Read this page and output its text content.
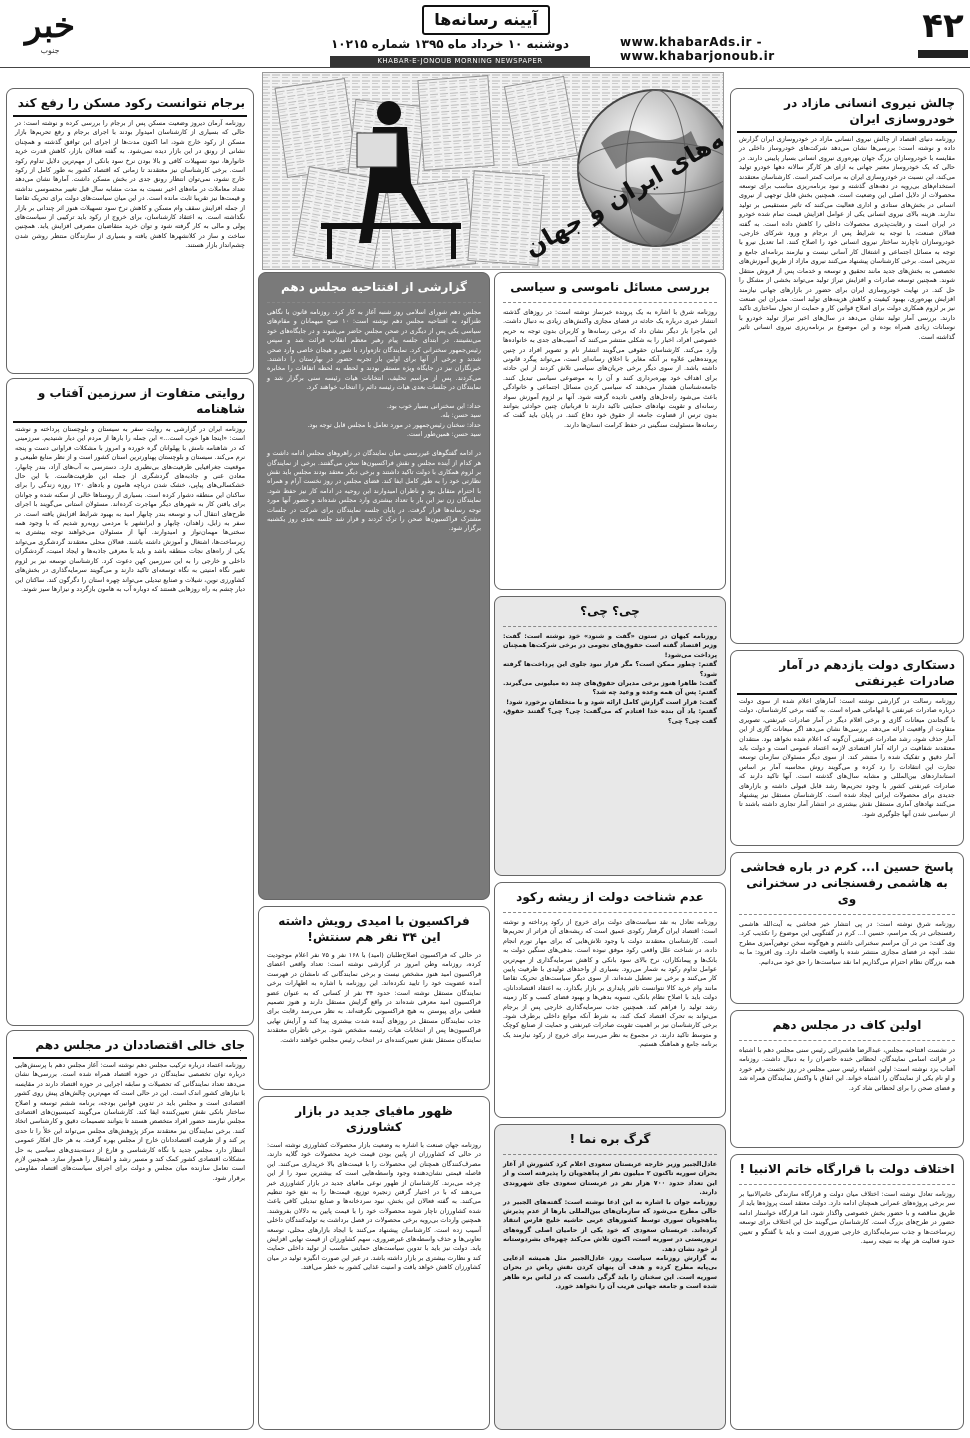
خبر
جنوب
آیینه رسانه‌ها
دوشنبه ۱۰ خرداد ماه ۱۳۹۵ شماره ۱۰۲۱۵	www.khabarAds.ir - www.khabarjonoub.ir
۴۲
KHABAR-E-JONOUB MORNING NEWSPAPER
ایران و جهان
برجام نتوانست رکود مسکن را رفع کند
روزنامه آرمان دیروز وضعیت مسکن پس از برجام را بررسی کرده و نوشته است: در حالی که بسیاری از کارشناسان امیدوار بودند با اجرای برجام و رفع تحریم‌ها بازار مسکن از رکود خارج شود، اما اکنون مدت‌ها از اجرای این توافق گذشته و همچنان نشانی از رونق در این بازار دیده نمی‌شود. به گفته فعالان بازار، کاهش قدرت خرید خانوارها، نبود تسهیلات کافی و بالا بودن نرخ سود بانکی از مهم‌ترین دلایل تداوم رکود است. برخی کارشناسان نیز معتقدند تا زمانی که اقتصاد کشور به طور کامل از رکود خارج نشود، نمی‌توان انتظار رونق جدی در بخش مسکن داشت. آمارها نشان می‌دهد تعداد معاملات در ماه‌های اخیر نسبت به مدت مشابه سال قبل تغییر محسوسی نداشته و قیمت‌ها نیز تقریبا ثابت مانده است. در این میان سیاست‌های دولت برای تحریک تقاضا از جمله افزایش سقف وام مسکن و کاهش نرخ سود تسهیلات هنوز اثر چندانی بر بازار نگذاشته است. به اعتقاد کارشناسان، برای خروج از رکود باید ترکیبی از سیاست‌های پولی و مالی به کار گرفته شود و توان خرید متقاضیان مصرفی افزایش یابد. همچنین ساخت و ساز در کلانشهرها کاهش یافته و بسیاری از سازندگان منتظر روشن شدن چشم‌انداز بازار هستند.
روایتی متفاوت از سرزمین آفتاب و شاهنامه
روزنامه ایران در گزارشی به روایت سفر به سیستان و بلوچستان پرداخته و نوشته است: «اینجا هوا خوب است...» این جمله را بارها از مردم این دیار شنیدیم. سرزمینی که در شاهنامه نامش با پهلوانان گره خورده و امروز با مشکلات فراوانی دست و پنجه نرم می‌کند. سیستان و بلوچستان پهناورترین استان کشور است و از نظر منابع طبیعی و موقعیت جغرافیایی ظرفیت‌های بی‌نظیری دارد. دسترسی به آب‌های آزاد، بندر چابهار، معادن غنی و جاذبه‌های گردشگری از جمله این ظرفیت‌هاست. با این حال خشکسالی‌های پیاپی، خشک شدن دریاچه هامون و بادهای ۱۲۰ روزه زندگی را برای ساکنان این منطقه دشوار کرده است. بسیاری از روستاها خالی از سکنه شده و جوانان برای یافتن کار به شهرهای دیگر مهاجرت کرده‌اند. مسئولان استانی می‌گویند با اجرای طرح‌های انتقال آب و توسعه بندر چابهار امید به بهبود شرایط افزایش یافته است. در سفر به زابل، زاهدان، چابهار و ایرانشهر با مردمی روبه‌رو شدیم که با وجود همه سختی‌ها مهمان‌نواز و امیدوارند. آنها از مسئولان می‌خواهند توجه بیشتری به زیرساخت‌ها، اشتغال و آموزش داشته باشند. فعالان محلی معتقدند گردشگری می‌تواند یکی از راه‌های نجات منطقه باشد و باید با معرفی جاذبه‌ها و ایجاد امنیت، گردشگران داخلی و خارجی را به این سرزمین کهن دعوت کرد. کارشناسان توسعه نیز بر لزوم تغییر نگاه امنیتی به نگاه توسعه‌ای تاکید دارند و می‌گویند سرمایه‌گذاری در بخش‌های کشاورزی نوین، شیلات و صنایع تبدیلی می‌تواند چهره استان را دگرگون کند. ساکنان این دیار چشم به راه روزهایی هستند که دوباره آب به هامون بازگردد و نیزارها سبز شوند.
جای خالی اقتصاددان در مجلس دهم
روزنامه اعتماد درباره ترکیب مجلس دهم نوشته است: آغاز مجلس دهم با پرسش‌هایی درباره توان تخصصی نمایندگان در حوزه اقتصاد همراه شده است. بررسی‌ها نشان می‌دهد تعداد نمایندگانی که تحصیلات و سابقه اجرایی در حوزه اقتصاد دارند در مقایسه با نیازهای کشور اندک است. این در حالی است که مهم‌ترین چالش‌های پیش روی کشور اقتصادی است و مجلس باید در تدوین قوانین بودجه، برنامه ششم توسعه و اصلاح ساختار بانکی نقش تعیین‌کننده ایفا کند. کارشناسان می‌گویند کمیسیون‌های اقتصادی مجلس نیازمند حضور افراد متخصص هستند تا بتوانند تصمیمات دقیق و کارشناسی اتخاذ کنند. برخی نمایندگان نیز معتقدند مرکز پژوهش‌های مجلس می‌تواند این خلأ را تا حدی پر کند و از ظرفیت اقتصاددانان خارج از مجلس بهره گرفت. به هر حال افکار عمومی انتظار دارد مجلس جدید با نگاه کارشناسی و فارغ از دسته‌بندی‌های سیاسی به حل مشکلات اقتصادی کشور کمک کند و مسیر رشد و اشتغال را هموار سازد. همچنین لازم است تعامل سازنده میان مجلس و دولت برای اجرای سیاست‌های اقتصاد مقاومتی برقرار شود.
گزارشی از افتتاحیه مجلس دهم
مجلس دهم شورای اسلامی روز شنبه آغاز به کار کرد. روزنامه قانون با نگاهی طنزآلود به افتتاحیه مجلس دهم نوشته است: ۱۰ صبح میهمانان و مقام‌های سیاسی یکی پس از دیگری در صحن مجلس حاضر می‌شوند و در جایگاه‌های خود می‌نشینند. در ابتدای جلسه پیام رهبر معظم انقلاب قرائت شد و سپس رئیس‌جمهور سخنرانی کرد. نمایندگان تازه‌وارد با شور و هیجان خاصی وارد صحن شدند و برخی از آنها برای اولین بار تجربه حضور در بهارستان را داشتند. خبرنگاران نیز در جایگاه ویژه مستقر بودند و لحظه به لحظه اتفاقات را مخابره می‌کردند. پس از مراسم تحلیف، انتخابات هیات رئیسه سنی برگزار شد و نمایندگان در جلسات بعدی هیات رئیسه دائم را انتخاب خواهند کرد.

حداد: این سخنرانی بسیار خوب بود.
سید حسن: بله.
حداد: سخنان رئیس‌جمهور در مورد تعامل با مجلس قابل توجه بود.
سید حسن: همین‌طور است.

در ادامه گفتگوهای غیررسمی میان نمایندگان در راهروهای مجلس ادامه داشت و هر کدام از آینده مجلس و نقش فراکسیون‌ها سخن می‌گفتند. برخی از نمایندگان بر لزوم همکاری با دولت تاکید داشتند و برخی دیگر معتقد بودند مجلس باید نقش نظارتی خود را به طور کامل ایفا کند. فضای مجلس در روز نخست آرام و همراه با احترام متقابل بود و ناظران امیدوارند این روحیه در ادامه کار نیز حفظ شود. نمایندگان زن نیز این بار با تعداد بیشتری وارد مجلس شده‌اند و حضور آنها مورد توجه رسانه‌ها قرار گرفت. در پایان جلسه نمایندگان برای شرکت در جلسات مشترک فراکسیون‌ها صحن را ترک کردند و قرار شد جلسه بعدی روز یکشنبه برگزار شود.
فراکسیون با امیدی رویش داشته این ۳۴ نفر هم سنتش!
در حالی که فراکسیون اصلاح‌طلبان (امید) با ۱۶۸ نفر و ۷۵ نفر اعلام موجودیت کرده، روزنامه وطن امروز در گزارشی نوشته است: تعداد واقعی اعضای فراکسیون امید هنوز مشخص نیست و برخی نمایندگانی که نامشان در فهرست آمده عضویت خود را تایید نکرده‌اند. این روزنامه با اشاره به اظهارات برخی نمایندگان مستقل نوشته است: حدود ۳۴ نفر از کسانی که به عنوان عضو فراکسیون امید معرفی شده‌اند در واقع گرایش مستقل دارند و هنوز تصمیم قطعی برای پیوستن به هیچ فراکسیونی نگرفته‌اند. به نظر می‌رسد رقابت برای جذب نمایندگان مستقل در روزهای آینده شدت بیشتری پیدا کند و آرایش نهایی فراکسیون‌ها پس از انتخابات هیات رئیسه مشخص شود. برخی ناظران معتقدند نمایندگان مستقل نقش تعیین‌کننده‌ای در انتخاب رئیس مجلس خواهند داشت.
ظهور مافیای جدید در بازار کشاورزی
روزنامه جهان صنعت با اشاره به وضعیت بازار محصولات کشاورزی نوشته است: در حالی که کشاورزان از پایین بودن قیمت خرید محصولات خود گلایه دارند، مصرف‌کنندگان همچنان این محصولات را با قیمت‌های بالا خریداری می‌کنند. این فاصله قیمتی نشان‌دهنده وجود واسطه‌هایی است که بیشترین سود را از این چرخه می‌برند. کارشناسان از ظهور نوعی مافیای جدید در بازار کشاورزی خبر می‌دهند که با در اختیار گرفتن زنجیره توزیع، قیمت‌ها را به نفع خود تنظیم می‌کنند. به گفته فعالان این بخش، نبود سردخانه‌ها و صنایع تبدیلی کافی باعث شده کشاورزان ناچار شوند محصولات خود را با قیمت پایین به دلالان بفروشند. همچنین واردات بی‌رویه برخی محصولات در فصل برداشت به تولیدکنندگان داخلی آسیب زده است. کارشناسان پیشنهاد می‌کنند با ایجاد بازارهای محلی، توسعه تعاونی‌ها و حذف واسطه‌های غیرضروری، سهم کشاورزان از قیمت نهایی افزایش یابد. دولت نیز باید با تدوین سیاست‌های حمایتی مناسب از تولید داخلی حمایت کند و نظارت بیشتری بر بازار داشته باشد. در غیر این صورت انگیزه تولید در میان کشاورزان کاهش خواهد یافت و امنیت غذایی کشور به خطر می‌افتد.
بررسی مسائل ناموسی و سیاسی
روزنامه شرق با اشاره به یک پرونده خبرساز نوشته است: در روزهای گذشته انتشار خبری درباره یک حادثه در فضای مجازی واکنش‌های زیادی به دنبال داشت. این ماجرا بار دیگر نشان داد که برخی رسانه‌ها و کاربران بدون توجه به حریم خصوصی افراد، اخبار را به شکلی منتشر می‌کنند که آسیب‌های جدی به خانواده‌ها وارد می‌کند. کارشناسان حقوقی می‌گویند انتشار نام و تصویر افراد در چنین پرونده‌هایی علاوه بر آنکه مغایر با اخلاق رسانه‌ای است، می‌تواند پیگرد قانونی داشته باشد. از سوی دیگر برخی جریان‌های سیاسی تلاش کردند از این حادثه برای اهداف خود بهره‌برداری کنند و آن را به موضوعی سیاسی تبدیل کنند. جامعه‌شناسان هشدار می‌دهند که سیاسی کردن مسائل اجتماعی و خانوادگی باعث می‌شود راه‌حل‌های واقعی نادیده گرفته شود. آنها بر لزوم آموزش سواد رسانه‌ای و تقویت نهادهای حمایتی تاکید دارند تا قربانیان چنین حوادثی بتوانند بدون ترس از قضاوت جامعه از حقوق خود دفاع کنند. در پایان باید گفت که رسانه‌ها مسئولیت سنگینی در حفظ کرامت انسان‌ها دارند.
چی؟ چی؟
روزنامه کیهان در ستون «گفت و شنود» خود نوشته است: گفت: وزیر اقتصاد گفته است حقوق‌های نجومی در برخی شرکت‌ها همچنان پرداخت می‌شود!
گفتم: چطور ممکن است؟ مگر قرار نبود جلوی این پرداخت‌ها گرفته شود؟
گفت: ظاهرا هنوز برخی مدیران حقوق‌های چند ده میلیونی می‌گیرند.
گفتم: پس آن همه وعده و وعید چه شد؟
گفت: قرار است گزارش کامل ارائه شود و با متخلفان برخورد شود!
گفتم: یاد آن بنده خدا افتادم که می‌گفت: چی؟ چی؟ گفتند حقوق، گفت چی؟ چی؟
عدم شناخت دولت از ریشه رکود
روزنامه تعادل به نقد سیاست‌های دولت برای خروج از رکود پرداخته و نوشته است: اقتصاد ایران گرفتار رکودی عمیق است که ریشه‌های آن فراتر از تحریم‌ها است. کارشناسان معتقدند دولت با وجود تلاش‌هایی که برای مهار تورم انجام داده، در شناخت علل واقعی رکود موفق نبوده است. بدهی‌های سنگین دولت به بانک‌ها و پیمانکاران، نرخ بالای سود بانکی و کاهش سرمایه‌گذاری از مهم‌ترین عوامل تداوم رکود به شمار می‌رود. بسیاری از واحدهای تولیدی با ظرفیت پایین کار می‌کنند و برخی نیز تعطیل شده‌اند. از سوی دیگر سیاست‌های تحریک تقاضا مانند وام خرید کالا نتوانست تاثیر پایداری بر بازار بگذارد. به اعتقاد اقتصاددانان، دولت باید با اصلاح نظام بانکی، تسویه بدهی‌ها و بهبود فضای کسب و کار زمینه رشد تولید را فراهم کند. همچنین جذب سرمایه‌گذاری خارجی پس از برجام می‌تواند به تحرک اقتصاد کمک کند، به شرط آنکه موانع داخلی برطرف شود. برخی کارشناسان نیز بر اهمیت تقویت صادرات غیرنفتی و حمایت از صنایع کوچک و متوسط تاکید دارند. در مجموع به نظر می‌رسد برای خروج از رکود نیازمند یک برنامه جامع و هماهنگ هستیم.
گرگ بره نما !
عادل‌الجبیر وزیر خارجه عربستان سعودی اعلام کرد کشورش از آغاز بحران سوریه تاکنون ۲ میلیون نفر از پناهجویان را پذیرفته است و از این تعداد حدود ۷۰۰ هزار نفر در عربستان سعودی جای شهروندی دارند.
روزنامه جوان با اشاره به این ادعا نوشته است: گفته‌های الجبیر در حالی مطرح می‌شود که سازمان‌های بین‌المللی بارها از عدم پذیرش پناهجویان سوری توسط کشورهای عربی حاشیه خلیج فارس انتقاد کرده‌اند. عربستان سعودی که خود یکی از حامیان اصلی گروه‌های تروریستی در سوریه است، اکنون تلاش می‌کند چهره‌ای بشردوستانه از خود نشان دهد.
به گزارش روزنامه سیاست روز، عادل‌الجبیر مثل همیشه ادعایی بی‌پایه مطرح کرده و هدف آن پنهان کردن نقش ریاض در بحران سوریه است. این سخنان را باید گرگی دانست که در لباس بره ظاهر شده است و جامعه جهانی فریب آن را نخواهد خورد.
چالش نیروی انسانی مازاد در خودروسازی ایران
روزنامه دنیای اقتصاد از چالش نیروی انسانی مازاد در خودروسازی ایران گزارش داده و نوشته است: بررسی‌ها نشان می‌دهد شرکت‌های خودروساز داخلی در مقایسه با خودروسازان بزرگ جهان بهره‌وری نیروی انسانی بسیار پایینی دارند. در حالی که یک خودروساز معتبر جهانی به ازای هر کارگر سالانه دهها خودرو تولید می‌کند، این نسبت در خودروسازی ایران به مراتب کمتر است. کارشناسان معتقدند استخدام‌های بی‌رویه در دهه‌های گذشته و نبود برنامه‌ریزی مناسب برای توسعه محصولات از دلایل اصلی این وضعیت است. همچنین بخش قابل توجهی از نیروی انسانی در بخش‌های ستادی و اداری فعالیت می‌کنند که تاثیر مستقیمی بر تولید ندارند. هزینه بالای نیروی انسانی یکی از عوامل افزایش قیمت تمام شده خودرو در ایران است و رقابت‌پذیری محصولات داخلی را کاهش داده است. به گفته فعالان صنعت، با توجه به شرایط پس از برجام و ورود شرکای خارجی، خودروسازان ناچارند ساختار نیروی انسانی خود را اصلاح کنند. اما تعدیل نیرو با توجه به مسائل اجتماعی و اشتغال کار آسانی نیست و نیازمند برنامه‌ای جامع و تدریجی است. برخی کارشناسان پیشنهاد می‌کنند نیروی مازاد از طریق آموزش‌های تخصصی به بخش‌های جدید مانند تحقیق و توسعه و خدمات پس از فروش منتقل شوند. همچنین توسعه صادرات و افزایش تیراژ تولید می‌تواند بخشی از مشکل را حل کند. در نهایت خودروسازی ایران برای حضور در بازارهای جهانی نیازمند افزایش بهره‌وری، بهبود کیفیت و کاهش هزینه‌های تولید است. مدیران این صنعت نیز بر لزوم همکاری دولت برای اصلاح قوانین کار و حمایت از تحول ساختاری تاکید دارند. بررسی آمار تولید نشان می‌دهد در سال‌های اخیر تیراژ تولید خودرو با نوسانات زیادی همراه بوده و این موضوع بر برنامه‌ریزی نیروی انسانی تاثیر گذاشته است.
دستکاری دولت یازدهم در آمار صادرات غیرنفتی
روزنامه رسالت در گزارشی نوشته است: آمارهای اعلام شده از سوی دولت درباره صادرات غیرنفتی با ابهاماتی همراه است. به گفته برخی کارشناسان، دولت با گنجاندن میعانات گازی و برخی اقلام دیگر در آمار صادرات غیرنفتی، تصویری متفاوت از واقعیت ارائه می‌دهد. بررسی‌ها نشان می‌دهد اگر میعانات گازی از این آمار حذف شود، رشد صادرات غیرنفتی آن‌گونه که اعلام شده نخواهد بود. منتقدان معتقدند شفافیت در ارائه آمار اقتصادی لازمه اعتماد عمومی است و دولت باید آمار دقیق و تفکیک شده را منتشر کند. از سوی دیگر مسئولان سازمان توسعه تجارت این انتقادات را رد کرده و می‌گویند روش محاسبه آمار بر اساس استانداردهای بین‌المللی و مشابه سال‌های گذشته است. آنها تاکید دارند که صادرات غیرنفتی کشور با وجود تحریم‌ها رشد قابل قبولی داشته و بازارهای جدیدی برای محصولات ایرانی ایجاد شده است. کارشناسان مستقل نیز پیشنهاد می‌کنند نهادهای آماری مستقل نقش بیشتری در انتشار آمار تجاری داشته باشند تا از سیاسی شدن آنها جلوگیری شود.
پاسخ حسین ا... کرم در باره فحاشی به هاشمی رفسنجانی در سخنرانی وی
روزنامه شرق نوشته است: در پی انتشار خبر فحاشی به آیت‌الله هاشمی رفسنجانی در یک مراسم، حسین ا... کرم در گفتگویی این موضوع را تکذیب کرد. وی گفت: من در آن مراسم سخنرانی داشتم و هیچ‌گونه سخن توهین‌آمیزی مطرح نشد. آنچه در فضای مجازی منتشر شده با واقعیت فاصله دارد. وی افزود: ما به همه بزرگان نظام احترام می‌گذاریم اما نقد سیاست‌ها را حق خود می‌دانیم.
اولین کاف در مجلس دهم
در نشست افتتاحیه مجلس، عبدالرضا هاشم‌زائی رئیس سنی مجلس دهم با اشتباه در قرائت اسامی نمایندگان، لحظاتی خنده حاضران را به دنبال داشت. روزنامه آفتاب یزد نوشته است: اولین اشتباه رئیس سنی مجلس در روز نخست رقم خورد و او نام یکی از نمایندگان را اشتباه خواند. این اتفاق با واکنش نمایندگان همراه شد و فضای صحن را برای لحظاتی شاد کرد.
اختلاف دولت با قرارگاه خاتم الانبیا !
روزنامه تعادل نوشته است: اختلاف میان دولت و قرارگاه سازندگی خاتم‌الانبیا بر سر برخی پروژه‌های عمرانی همچنان ادامه دارد. دولت معتقد است پروژه‌ها باید از طریق مناقصه و با حضور بخش خصوصی واگذار شود، اما قرارگاه خواستار ادامه حضور در طرح‌های بزرگ است. کارشناسان می‌گویند حل این اختلاف برای توسعه زیرساخت‌ها و جذب سرمایه‌گذاری خارجی ضروری است و باید با گفتگو و تعیین حدود فعالیت هر نهاد به نتیجه رسید.
